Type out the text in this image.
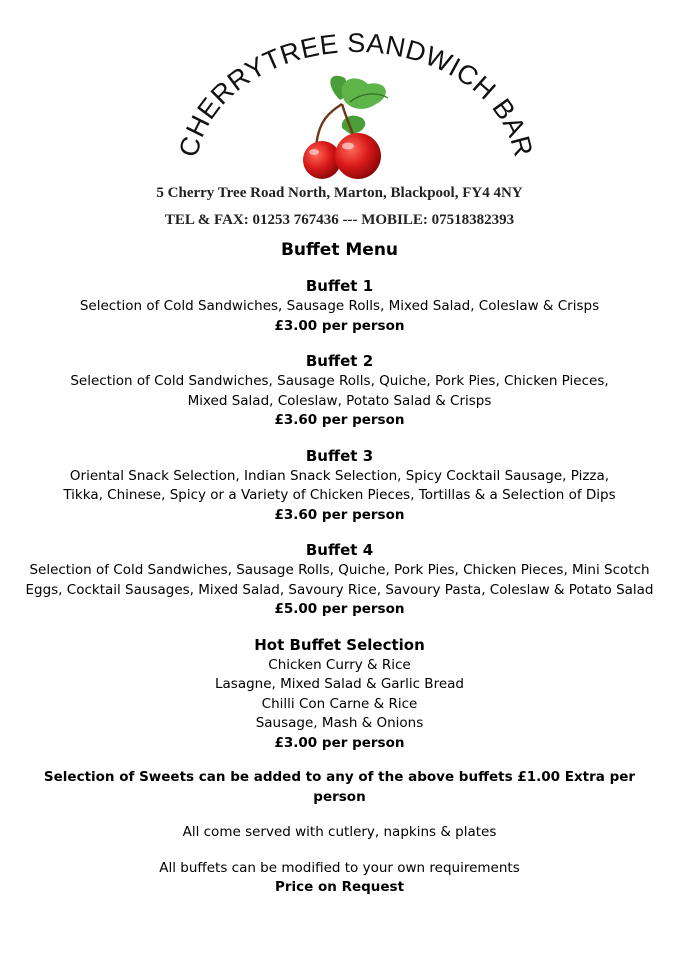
CHERRYTREE SANDWICH BAR
5 Cherry Tree Road North, Marton, Blackpool, FY4 4NY
TEL & FAX: 01253 767436 --- MOBILE: 07518382393
Buffet Menu
Buffet 1
Selection of Cold Sandwiches, Sausage Rolls, Mixed Salad, Coleslaw & Crisps
£3.00 per person
Buffet 2
Selection of Cold Sandwiches, Sausage Rolls, Quiche, Pork Pies, Chicken Pieces,
Mixed Salad, Coleslaw, Potato Salad & Crisps
£3.60 per person
Buffet 3
Oriental Snack Selection, Indian Snack Selection, Spicy Cocktail Sausage, Pizza,
Tikka, Chinese, Spicy or a Variety of Chicken Pieces, Tortillas & a Selection of Dips
£3.60 per person
Buffet 4
Selection of Cold Sandwiches, Sausage Rolls, Quiche, Pork Pies, Chicken Pieces, Mini Scotch
Eggs, Cocktail Sausages, Mixed Salad, Savoury Rice, Savoury Pasta, Coleslaw & Potato Salad
£5.00 per person
Hot Buffet Selection
Chicken Curry & Rice
Lasagne, Mixed Salad & Garlic Bread
Chilli Con Carne & Rice
Sausage, Mash & Onions
£3.00 per person
Selection of Sweets can be added to any of the above buffets £1.00 Extra per person
All come served with cutlery, napkins & plates
All buffets can be modified to your own requirements
Price on Request
